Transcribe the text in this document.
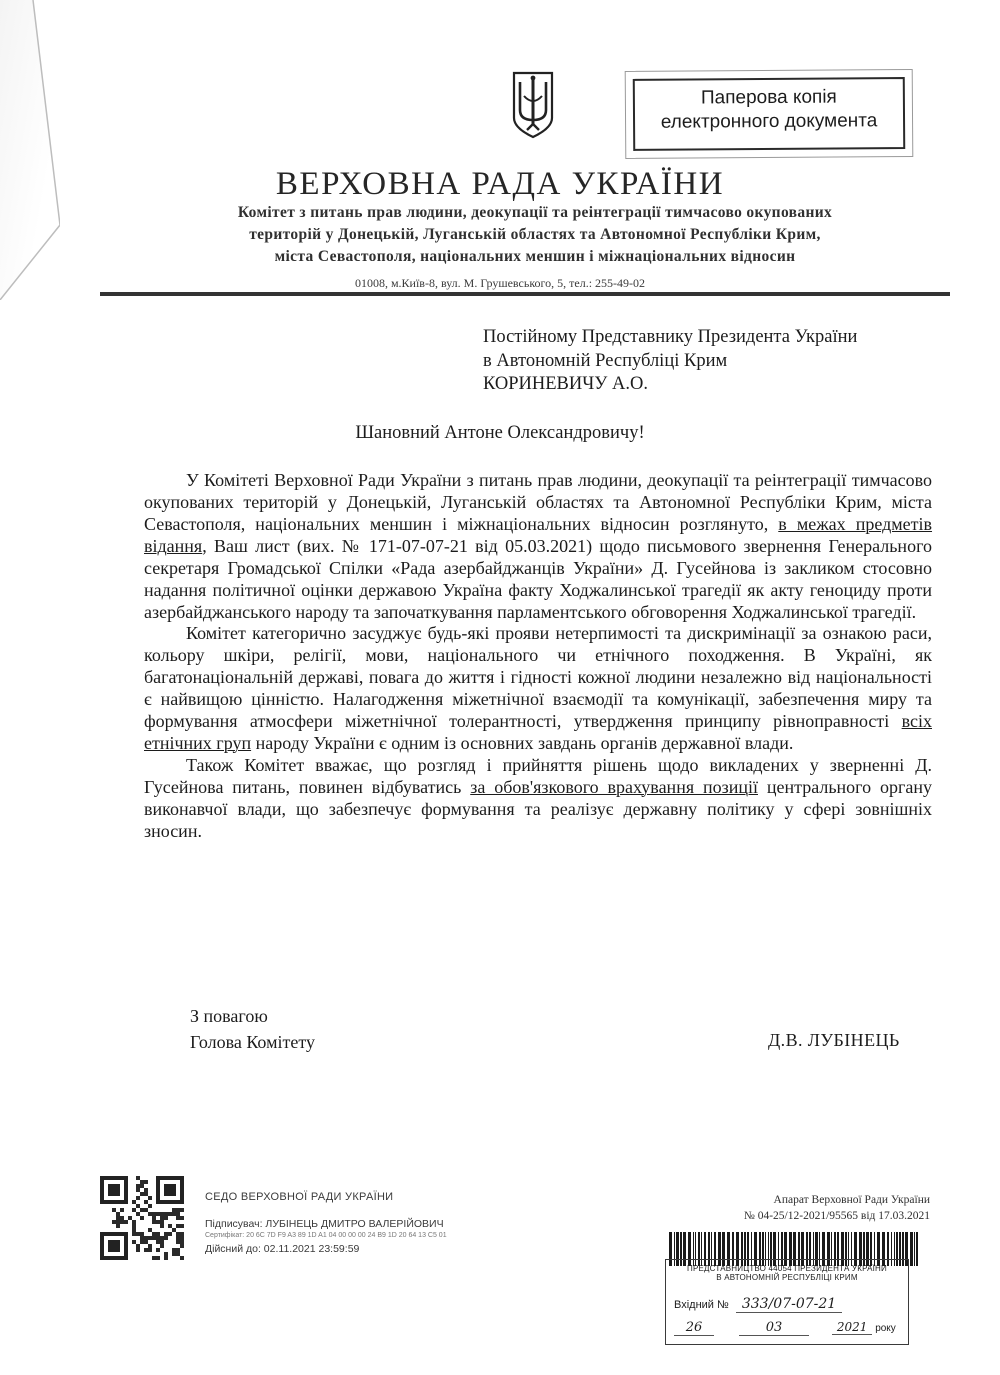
Паперова копія
електронного документа
ВЕРХОВНА РАДА УКРАЇНИ
Комітет з питань прав людини, деокупації та реінтеграції тимчасово окупованих
територій у Донецькій, Луганській областях та Автономної Республіки Крим,
міста Севастополя, національних меншин і міжнаціональних відносин
01008, м.Київ-8, вул. М. Грушевського, 5, тел.: 255-49-02
Постійному Представнику Президента України
в Автономній Республіці Крим
КОРИНЕВИЧУ А.О.
Шановний Антоне Олександровичу!

У Комітеті Верховної Ради України з питань прав людини, деокупації та реінтеграції тимчасово окупованих територій у Донецькій, Луганській областях та Автономної Республіки Крим, міста Севастополя, національних меншин і міжнаціональних відносин розглянуто, в межах предметів відання, Ваш лист (вих. № 171-07-07-21 від 05.03.2021) щодо письмового звернення Генерального секретаря Громадської Спілки «Рада азербайджанців України» Д. Гусейнова із закликом стосовно надання політичної оцінки державою Україна факту Ходжалинської трагедії як акту геноциду проти азербайджанського народу та започаткування парламентського обговорення Ходжалинської трагедії.

Комітет категорично засуджує будь-які прояви нетерпимості та дискримінації за ознакою раси, кольору шкіри, релігії, мови, національного чи етнічного походження. В Україні, як багатонаціональній державі, повага до життя і гідності кожної людини незалежно від національності є найвищою цінністю. Налагодження міжетнічної взаємодії та комунікації, забезпечення миру та формування атмосфери міжетнічної толерантності, утвердження принципу рівноправності всіх етнічних груп народу України є одним із основних завдань органів державної влади.

Також Комітет вважає, що розгляд і прийняття рішень щодо викладених у зверненні Д. Гусейнова питань, повинен відбуватись за обов'язкового врахування позиції центрального органу виконавчої влади, що забезпечує формування та реалізує державну політику у сфері зовнішніх зносин.

З повагою
Голова Комітету	Д.В. ЛУБІНЕЦЬ
СЕДО ВЕРХОВНОЇ РАДИ УКРАЇНИ
Підписувач: ЛУБІНЕЦЬ ДМИТРО ВАЛЕРІЙОВИЧ
Сертифікат: 20 6C 7D F9 A3 89 1D A1 04 00 00 00 24 B9 1D 20 64 13 C5 01
Дійсний до: 02.11.2021 23:59:59
Апарат Верховної Ради України
№ 04-25/12-2021/95565 від 17.03.2021
ПРЕДСТАВНИЦТВО 44054 ПРЕЗИДЕНТА УКРАЇНИ
В АВТОНОМНІЙ РЕСПУБЛІЦІ КРИМ
Вхідний № 333/07-07-21
26	03	2021 року
